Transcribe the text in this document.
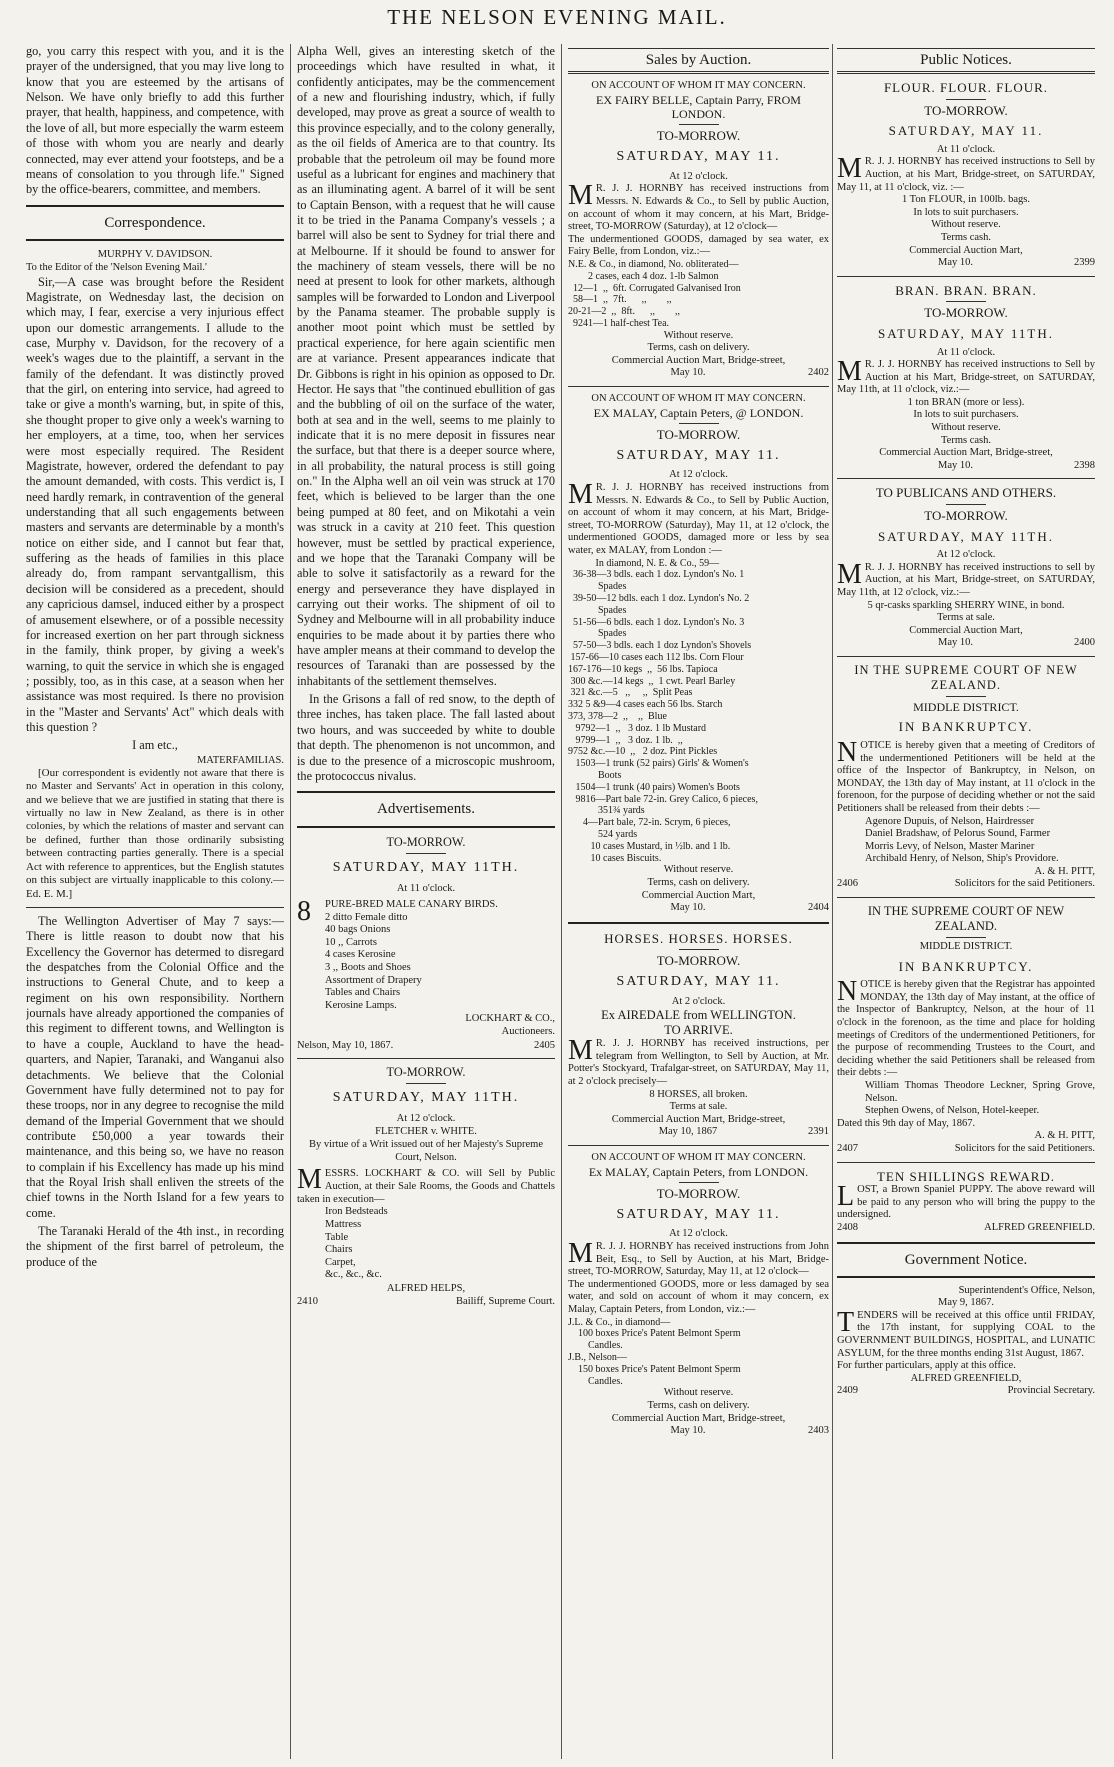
THE NELSON EVENING MAIL.

go, you carry this respect with you, and it is the prayer of the undersigned, that you may live long to know that you are esteemed by the artisans of Nelson. We have only briefly to add this further prayer, that health, happiness, and competence, with the love of all, but more especially the warm esteem of those with whom you are nearly and dearly connected, may ever attend your footsteps, and be a means of consolation to you through life." Signed by the office-bearers, committee, and members.

Correspondence.
MURPHY V. DAVIDSON.
To the Editor of the 'Nelson Evening Mail.'

Sir,—A case was brought before the Resident Magistrate, on Wednesday last, the decision on which may, I fear, exercise a very injurious effect upon our domestic arrangements. I allude to the case, Murphy v. Davidson, for the recovery of a week's wages due to the plaintiff, a servant in the family of the defendant. It was distinctly proved that the girl, on entering into service, had agreed to take or give a month's warning, but, in spite of this, she thought proper to give only a week's warning to her employers, at a time, too, when her services were most especially required. The Resident Magistrate, however, ordered the defendant to pay the amount demanded, with costs. This verdict is, I need hardly remark, in contravention of the general understanding that all such engagements between masters and servants are determinable by a month's notice on either side, and I cannot but fear that, suffering as the heads of families in this place already do, from rampant servantgallism, this decision will be considered as a precedent, should any capricious damsel, induced either by a prospect of amusement elsewhere, or of a possible necessity for increased exertion on her part through sickness in the family, think proper, by giving a week's warning, to quit the service in which she is engaged ; possibly, too, as in this case, at a season when her assistance was most required. Is there no provision in the "Master and Servants' Act" which deals with this question ?

I am etc.,
MATERFAMILIAS.

[Our correspondent is evidently not aware that there is no Master and Servants' Act in operation in this colony, and we believe that we are justified in stating that there is virtually no law in New Zealand, as there is in other colonies, by which the relations of master and servant can be defined, further than those ordinarily subsisting between contracting parties generally. There is a special Act with reference to apprentices, but the English statutes on this subject are virtually inapplicable to this colony.—Ed. E. M.]

The Wellington Advertiser of May 7 says:—There is little reason to doubt now that his Excellency the Governor has determed to disregard the despatches from the Colonial Office and the instructions to General Chute, and to keep a regiment on his own responsibility. Northern journals have already apportioned the companies of this regiment to different towns, and Wellington is to have a couple, Auckland to have the head-quarters, and Napier, Taranaki, and Wanganui also detachments. We believe that the Colonial Government have fully determined not to pay for these troops, nor in any degree to recognise the mild demand of the Imperial Government that we should contribute £50,000 a year towards their maintenance, and this being so, we have no reason to complain if his Excellency has made up his mind that the Royal Irish shall enliven the streets of the chief towns in the North Island for a few years to come.

The Taranaki Herald of the 4th inst., in recording the shipment of the first barrel of petroleum, the produce of the

Alpha Well, gives an interesting sketch of the proceedings which have resulted in what, it confidently anticipates, may be the commencement of a new and flourishing industry, which, if fully developed, may prove as great a source of wealth to this province especially, and to the colony generally, as the oil fields of America are to that country. Its probable that the petroleum oil may be found more useful as a lubricant for engines and machinery that as an illuminating agent. A barrel of it will be sent to Captain Benson, with a request that he will cause it to be tried in the Panama Company's vessels ; a barrel will also be sent to Sydney for trial there and at Melbourne. If it should be found to answer for the machinery of steam vessels, there will be no need at present to look for other markets, although samples will be forwarded to London and Liverpool by the Panama steamer. The probable supply is another moot point which must be settled by practical experience, for here again scientific men are at variance. Present appearances indicate that Dr. Gibbons is right in his opinion as opposed to Dr. Hector. He says that "the continued ebullition of gas and the bubbling of oil on the surface of the water, both at sea and in the well, seems to me plainly to indicate that it is no mere deposit in fissures near the surface, but that there is a deeper source where, in all probability, the natural process is still going on." In the Alpha well an oil vein was struck at 170 feet, which is believed to be larger than the one being pumped at 80 feet, and on Mikotahi a vein was struck in a cavity at 210 feet. This question however, must be settled by practical experience, and we hope that the Taranaki Company will be able to solve it satisfactorily as a reward for the energy and perseverance they have displayed in carrying out their works. The shipment of oil to Sydney and Melbourne will in all probability induce enquiries to be made about it by parties there who have ampler means at their command to develop the resources of Taranaki than are possessed by the inhabitants of the settlement themselves.

In the Grisons a fall of red snow, to the depth of three inches, has taken place. The fall lasted about two hours, and was succeeded by white to double that depth. The phenomenon is not uncommon, and is due to the presence of a microscopic mushroom, the protococcus nivalus.

Advertisements.
TO-MORROW.
SATURDAY, MAY 11TH.
At 11 o'clock.
8 PURE-BRED MALE CANARY BIRDS.
2 ditto Female ditto
40 bags Onions
10 ,, Carrots
4 cases Kerosine
3 ,, Boots and Shoes
Assortment of Drapery
Tables and Chairs
Kerosine Lamps.
LOCKHART & CO.,
Auctioneers.
Nelson, May 10, 1867.	2405
TO-MORROW.
SATURDAY, MAY 11TH.
At 12 o'clock.
FLETCHER v. WHITE.
By virtue of a Writ issued out of her Majesty's Supreme Court, Nelson.
MESSRS. LOCKHART & CO. will Sell by Public Auction, at their Sale Rooms, the Goods and Chattels taken in execution—
Iron Bedsteads
Mattress
Table
Chairs
Carpet,
&c., &c., &c.
ALFRED HELPS,
2410	Bailiff, Supreme Court.
Sales by Auction.
ON ACCOUNT OF WHOM IT MAY CONCERN.
EX FAIRY BELLE, Captain Parry, FROM LONDON.
TO-MORROW.
SATURDAY, MAY 11.
At 12 o'clock.
M R. J. J. HORNBY has received instructions from Messrs. N. Edwards & Co., to Sell by public Auction, on account of whom it may concern, at his Mart, Bridge-street, TO-MORROW (Saturday), at 12 o'clock—
The undermentioned GOODS, damaged by sea water, ex Fairy Belle, from London, viz.:—
N.E. & Co., in diamond, No. obliterated—
2 cases, each 4 doz. 1-lb Salmon
12—1  ,,  6ft. Corrugated Galvanised Iron
58—1  ,,  7ft.      ,,        ,,
20-21—2  ,,  8ft.      ,,        ,,
9241—1 half-chest Tea.
Without reserve.
Terms, cash on delivery.
Commercial Auction Mart, Bridge-street,
May 10.	2402
ON ACCOUNT OF WHOM IT MAY CONCERN.
EX MALAY, Captain Peters, @ LONDON.
TO-MORROW.
SATURDAY, MAY 11.
At 12 o'clock.
M R. J. J. HORNBY has received instructions from Messrs. N. Edwards & Co., to Sell by Public Auction, on account of whom it may concern, at his Mart, Bridge-street, TO-MORROW (Saturday), May 11, at 12 o'clock, the undermentioned GOODS, damaged more or less by sea water, ex MALAY, from London :—
In diamond, N. E. & Co., 59—
36-38—3 bdls. each 1 doz. Lyndon's No. 1
Spades
39-50—12 bdls. each 1 doz. Lyndon's No. 2
Spades
51-56—6 bdls. each 1 doz. Lyndon's No. 3
Spades
57-50—3 bdls. each 1 doz Lyndon's Shovels
157-66—10 cases each 112 lbs. Corn Flour
167-176—10 kegs  ,,  56 lbs. Tapioca
300 &c.—14 kegs  ,,  1 cwt. Pearl Barley
321 &c.—5   ,,     ,,  Split Peas
332 5 &9—4 cases each 56 lbs. Starch
373, 378—2  ,,    ,,  Blue
9792—1  ,,   3 doz. 1 lb Mustard
9799—1  ,,   3 doz. 1 lb.  ,,
9752 &c.—10  ,,   2 doz. Pint Pickles
1503—1 trunk (52 pairs) Girls' & Women's
Boots
1504—1 trunk (40 pairs) Women's Boots
9816—Part bale 72-in. Grey Calico, 6 pieces,
351¾ yards
4—Part bale, 72-in. Scrym, 6 pieces,
524 yards
10 cases Mustard, in ½lb. and 1 lb.
10 cases Biscuits.
Without reserve.
Terms, cash on delivery.
Commercial Auction Mart,
May 10.	2404
HORSES. HORSES. HORSES.
TO-MORROW.
SATURDAY, MAY 11.
At 2 o'clock.
Ex AIREDALE from WELLINGTON.
TO ARRIVE.
M R. J. J. HORNBY has received instructions, per telegram from Wellington, to Sell by Auction, at Mr. Potter's Stockyard, Trafalgar-street, on SATURDAY, May 11, at 2 o'clock precisely—
8 HORSES, all broken.
Terms at sale.
Commercial Auction Mart, Bridge-street,
May 10, 1867	2391
ON ACCOUNT OF WHOM IT MAY CONCERN.
Ex MALAY, Captain Peters, from LONDON.
TO-MORROW.
SATURDAY, MAY 11.
At 12 o'clock.
M R. J. J. HORNBY has received instructions from John Beit, Esq., to Sell by Auction, at his Mart, Bridge-street, TO-MORROW, Saturday, May 11, at 12 o'clock—
The undermentioned GOODS, more or less damaged by sea water, and sold on account of whom it may concern, ex Malay, Captain Peters, from London, viz.:—
J.L. & Co., in diamond—
100 boxes Price's Patent Belmont Sperm
Candles.
J.B., Nelson—
150 boxes Price's Patent Belmont Sperm
Candles.
Without reserve.
Terms, cash on delivery.
Commercial Auction Mart, Bridge-street,
May 10.	2403
Public Notices.
FLOUR. FLOUR. FLOUR.
TO-MORROW.
SATURDAY, MAY 11.
At 11 o'clock.
M R. J. J. HORNBY has received instructions to Sell by Auction, at his Mart, Bridge-street, on SATURDAY, May 11, at 11 o'clock, viz. :—
1 Ton FLOUR, in 100lb. bags.
In lots to suit purchasers.
Without reserve.
Terms cash.
Commercial Auction Mart,
May 10.	2399
BRAN. BRAN. BRAN.
TO-MORROW.
SATURDAY, MAY 11TH.
At 11 o'clock.
M R. J. J. HORNBY has received instructions to Sell by Auction at his Mart, Bridge-street, on SATURDAY, May 11th, at 11 o'clock, viz.:—
1 ton BRAN (more or less).
In lots to suit purchasers.
Without reserve.
Terms cash.
Commercial Auction Mart, Bridge-street,
May 10.	2398
TO PUBLICANS AND OTHERS.
TO-MORROW.
SATURDAY, MAY 11TH.
At 12 o'clock.
M R. J. J. HORNBY has received instructions to sell by Auction, at his Mart, Bridge-street, on SATURDAY, May 11th, at 12 o'clock, viz.:—
5 qr-casks sparkling SHERRY WINE, in bond.
Terms at sale.
Commercial Auction Mart,
May 10.	2400
IN THE SUPREME COURT OF NEW ZEALAND.
MIDDLE DISTRICT.
IN BANKRUPTCY.
NOTICE is hereby given that a meeting of Creditors of the undermentioned Petitioners will be held at the office of the Inspector of Bankruptcy, in Nelson, on MONDAY, the 13th day of May instant, at 11 o'clock in the forenoon, for the purpose of deciding whether or not the said Petitioners shall be released from their debts :—
Agenore Dupuis, of Nelson, Hairdresser
Daniel Bradshaw, of Pelorus Sound, Farmer
Morris Levy, of Nelson, Master Mariner
Archibald Henry, of Nelson, Ship's Providore.
A. & H. PITT,
2406	Solicitors for the said Petitioners.
IN THE SUPREME COURT OF NEW ZEALAND.
MIDDLE DISTRICT.
IN BANKRUPTCY.
NOTICE is hereby given that the Registrar has appointed MONDAY, the 13th day of May instant, at the office of the Inspector of Bankruptcy, Nelson, at the hour of 11 o'clock in the forenoon, as the time and place for holding meetings of Creditors of the undermentioned Petitioners, for the purpose of recommending Trustees to the Court, and deciding whether the said Petitioners shall be released from their debts :—
William Thomas Theodore Leckner, Spring Grove, Nelson.
Stephen Owens, of Nelson, Hotel-keeper.
Dated this 9th day of May, 1867.
A. & H. PITT,
2407	Solicitors for the said Petitioners.
TEN SHILLINGS REWARD.
LOST, a Brown Spaniel PUPPY. The above reward will be paid to any person who will bring the puppy to the undersigned.
2408	ALFRED GREENFIELD.
Government Notice.
Superintendent's Office, Nelson,
May 9, 1867.
TENDERS will be received at this office until FRIDAY, the 17th instant, for supplying COAL to the GOVERNMENT BUILDINGS, HOSPITAL, and LUNATIC ASYLUM, for the three months ending 31st August, 1867.
For further particulars, apply at this office.
ALFRED GREENFIELD,
2409	Provincial Secretary.
